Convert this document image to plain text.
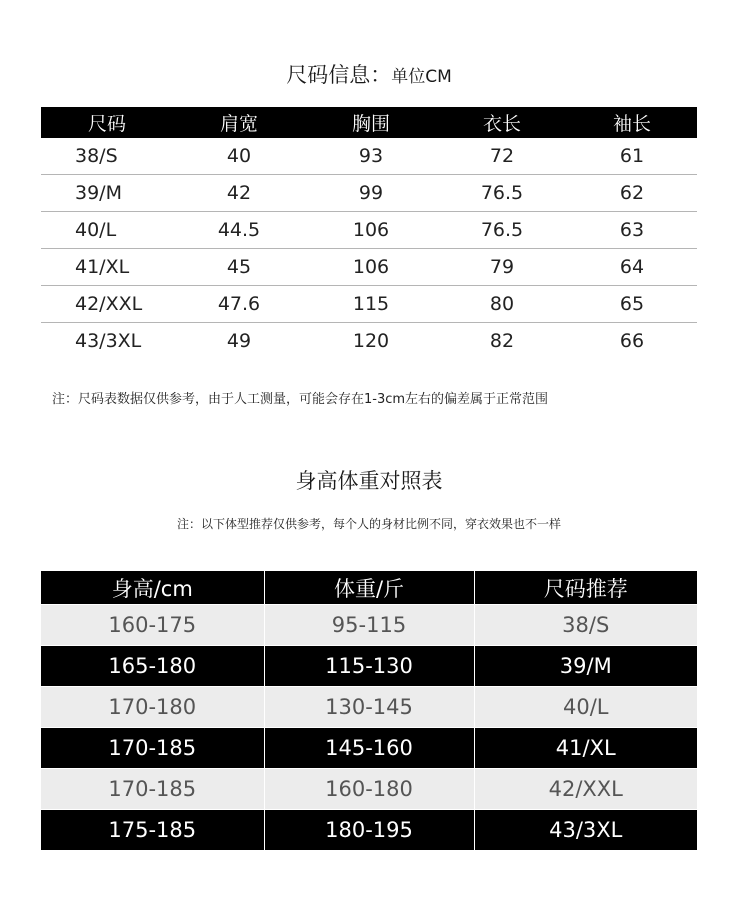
尺码信息：单位CM
尺码	肩宽	胸围	衣长	袖长
38/S	40	93	72	61
39/M	42	99	76.5	62
40/L	44.5	106	76.5	63
41/XL	45	106	79	64
42/XXL	47.6	115	80	65
43/3XL	49	120	82	66
注：尺码表数据仅供参考，由于人工测量，可能会存在1-3cm左右的偏差属于正常范围
身高体重对照表
注：以下体型推荐仅供参考，每个人的身材比例不同，穿衣效果也不一样
身高/cm	体重/斤	尺码推荐
160-175	95-115	38/S
165-180	115-130	39/M
170-180	130-145	40/L
170-185	145-160	41/XL
170-185	160-180	42/XXL
175-185	180-195	43/3XL
